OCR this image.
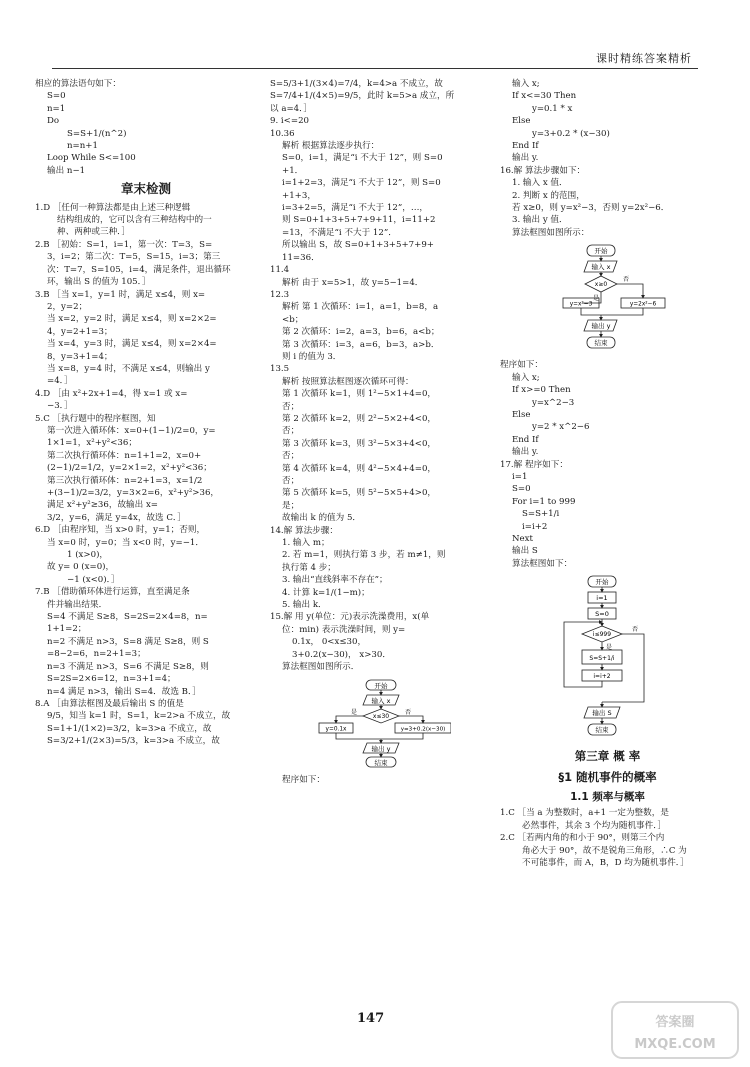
课时精练答案精析
相应的算法语句如下：
S=0
n=1
Do
S=S+1/(n^2)
n=n+1
Loop While S<=100
输出 n−1
章末检测
1.D ［任何一种算法都是由上述三种逻辑
结构组成的，它可以含有三种结构中的一
种、两种或三种．］
2.B ［初始：S=1，i=1，第一次：T=3，S=
3，i=2；第二次：T=5，S=15，i=3；第三
次：T=7，S=105，i=4，满足条件，退出循环
环，输出 S 的值为 105．］
3.B ［当 x=1，y=1 时，满足 x≤4，则 x=
2，y=2；
当 x=2，y=2 时，满足 x≤4，则 x=2×2=
4，y=2+1=3；
当 x=4，y=3 时，满足 x≤4，则 x=2×4=
8，y=3+1=4；
当 x=8，y=4 时，不满足 x≤4，则输出 y
=4．］
4.D ［由 x²+2x+1=4，得 x=1 或 x=
−3．］
5.C ［执行题中的程序框图，知
第一次进入循环体：x=0+(1−1)/2=0，y=
1×1=1，x²+y²<36；
第二次执行循环体：n=1+1=2，x=0+
(2−1)/2=1/2，y=2×1=2，x²+y²<36；
第三次执行循环体：n=2+1=3，x=1/2
+(3−1)/2=3/2，y=3×2=6，x²+y²>36，
满足 x²+y²≥36，故输出 x=
3/2，y=6，满足 y=4x，故选 C．］
6.D ［由程序知，当 x>0 时，y=1；否则，
当 x=0 时，y=0；当 x<0 时，y=−1．
1 (x>0)，
故 y= 0 (x=0)，
−1 (x<0)．］
7.B ［借助循环体进行运算，直至满足条
件并输出结果．
S=4 不满足 S≥8，S=2S=2×4=8，n=
1+1=2；
n=2 不满足 n>3，S=8 满足 S≥8，则 S
=8−2=6，n=2+1=3；
n=3 不满足 n>3，S=6 不满足 S≥8，则
S=2S=2×6=12，n=3+1=4；
n=4 满足 n>3，输出 S=4．故选 B．］
8.A ［由算法框图及最后输出 S 的值是
9/5，知当 k=1 时，S=1，k=2>a 不成立，故
S=1+1/(1×2)=3/2，k=3>a 不成立，故
S=3/2+1/(2×3)=5/3，k=3>a 不成立，故
S=5/3+1/(3×4)=7/4，k=4>a 不成立，故
S=7/4+1/(4×5)=9/5，此时 k=5>a 成立，所
以 a=4．］
9. i<=20
10.36
解析 根据算法逐步执行：
S=0，i=1，满足“i 不大于 12”，则 S=0
+1．
i=1+2=3，满足“i 不大于 12”，则 S=0
+1+3，
i=3+2=5，满足“i 不大于 12”，…，
则 S=0+1+3+5+7+9+11，i=11+2
=13，不满足“i 不大于 12”．
所以输出 S，故 S=0+1+3+5+7+9+
11=36．
11.4
解析 由于 x=5>1，故 y=5−1=4．
12.3
解析 第 1 次循环：i=1，a=1，b=8，a
<b；
第 2 次循环：i=2，a=3，b=6，a<b；
第 3 次循环：i=3，a=6，b=3，a>b．
则 i 的值为 3．
13.5
解析 按照算法框图逐次循环可得：
第 1 次循环 k=1，则 1²−5×1+4=0，
否；
第 2 次循环 k=2，则 2²−5×2+4<0，
否；
第 3 次循环 k=3，则 3²−5×3+4<0，
否；
第 4 次循环 k=4，则 4²−5×4+4=0，
否；
第 5 次循环 k=5，则 5²−5×5+4>0，
是；
故输出 k 的值为 5．
14.解 算法步骤：
1. 输入 m；
2. 若 m=1，则执行第 3 步，若 m≠1，则
执行第 4 步；
3. 输出“直线斜率不存在”；
4. 计算 k=1/(1−m)；
5. 输出 k．
15.解 用 y(单位：元)表示洗澡费用，x(单
位：min) 表示洗澡时间，则 y=
0.1x， 0<x≤30，
3+0.2(x−30)， x>30．
算法框图如图所示．
开始
输入 x
x≤30
是	否
y=0.1x	y=3+0.2(x−30)
输出 y
结束
程序如下：
输入 x;
If x<=30 Then
y=0.1 * x
Else
y=3+0.2 * (x−30)
End If
输出 y.
16.解 算法步骤如下：
1. 输入 x 值．
2. 判断 x 的范围，
若 x≥0，则 y=x²−3，否则 y=2x²−6．
3. 输出 y 值．
算法框图如图所示：
开始
输入 x
x≥0
是
否
y=x²−3	y=2x²−6
输出 y
结束
程序如下：
输入 x;
If x>=0 Then
y=x^2−3
Else
y=2 * x^2−6
End If
输出 y.
17.解 程序如下：
i=1
S=0
For i=1 to 999
S=S+1/i
i=i+2
Next
输出 S
算法框图如下：
开始
i=1
S=0
i≤999
是
否
S=S+1/i
i=i+2
输出 S
结束
第三章 概 率
§1 随机事件的概率
1.1 频率与概率
1.C ［当 a 为整数时，a+1 一定为整数，是
必然事件，其余 3 个均为随机事件．］
2.C ［若两内角的和小于 90°，则第三个内
角必大于 90°，故不是锐角三角形，∴C 为
不可能事件，而 A，B，D 均为随机事件．］
147	答案圈
MXQE.COM
